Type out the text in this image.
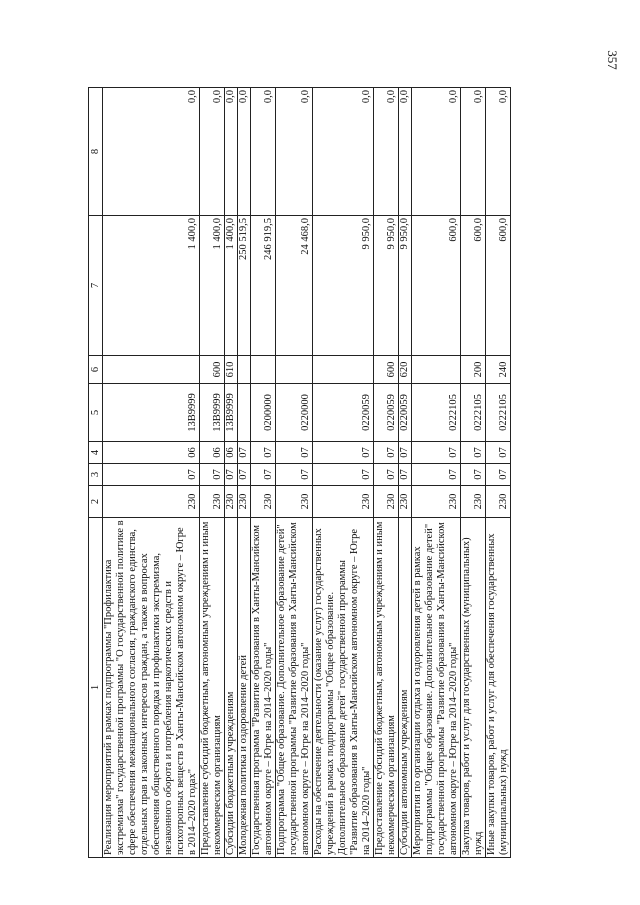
357
1	2	3	4	5	6	7	8
Реализация мероприятий в рамках подпрограммы "Профилактика экстремизма" государственной программы "О государственной политике в сфере обеспечения межнационального согласия, гражданского единства, отдельных прав и законных интересов граждан, а также в вопросах обеспечения общественного порядка и профилактики экстремизма, незаконного оборота и потребления наркотических средств и психотропных веществ в Ханты-Мансийском автономном округе – Югре в 2014–2020 годах"	230	07	06	13В9999		1 400,0	0,0
Предоставление субсидий бюджетным, автономным учреждениям и иным некоммерческим организациям	230	07	06	13В9999	600	1 400,0	0,0
Субсидии бюджетным учреждениям	230	07	06	13В9999	610	1 400,0	0,0
Молодежная политика и оздоровление детей	230	07	07			250 519,5	0,0
Государственная программа "Развитие образования в Ханты-Мансийском автономном округе – Югре на 2014–2020 годы"	230	07	07	0200000		246 919,5	0,0
Подпрограмма "Общее образование. Дополнительное образование детей" государственной программы "Развитие образования в Ханты-Мансийском автономном округе – Югре на 2014–2020 годы"	230	07	07	0220000		24 468,0	0,0
Расходы на обеспечение деятельности (оказание услуг) государственных учреждений в рамках подпрограммы "Общее образование. Дополнительное образование детей" государственной программы "Развитие образования в Ханты-Мансийском автономном округе – Югре на 2014–2020 годы"	230	07	07	0220059		9 950,0	0,0
Предоставление субсидий бюджетным, автономным учреждениям и иным некоммерческим организациям	230	07	07	0220059	600	9 950,0	0,0
Субсидии автономным учреждениям	230	07	07	0220059	620	9 950,0	0,0
Мероприятия по организации отдыха и оздоровления детей в рамках подпрограммы "Общее образование. Дополнительное образование детей" государственной программы "Развитие образования в Ханты-Мансийском автономном округе – Югре на 2014–2020 годы"	230	07	07	0222105		600,0	0,0
Закупка товаров, работ и услуг для государственных (муниципальных) нужд	230	07	07	0222105	200	600,0	0,0
Иные закупки товаров, работ и услуг для обеспечения государственных (муниципальных) нужд	230	07	07	0222105	240	600,0	0,0
